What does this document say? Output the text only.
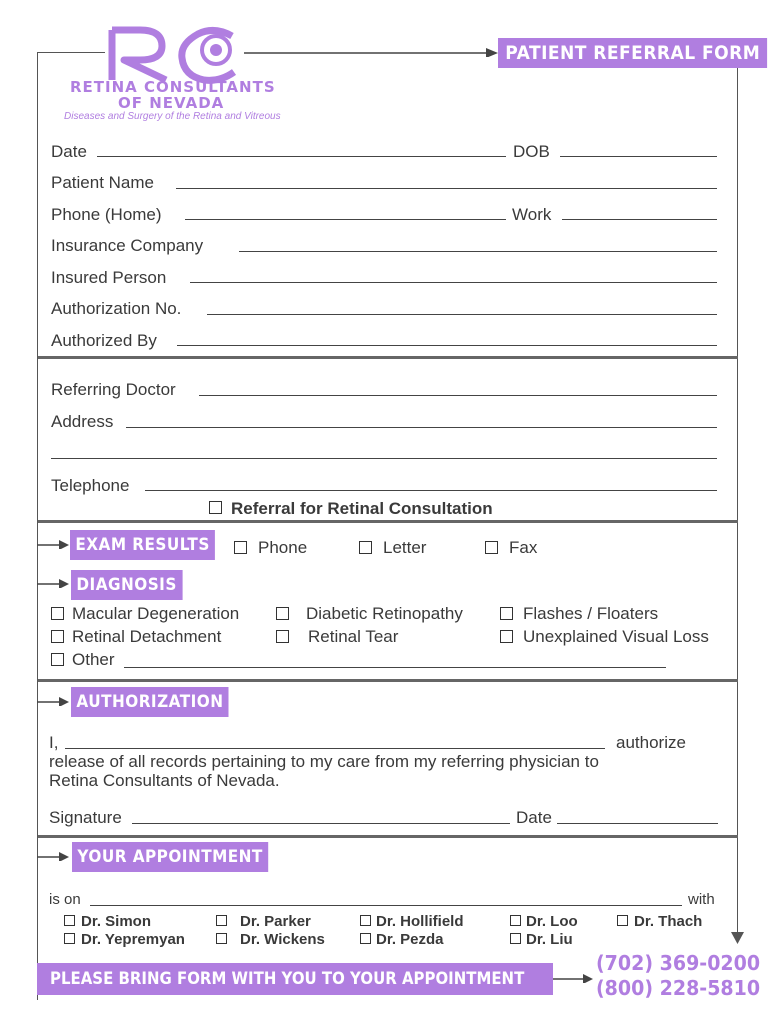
RETINA CONSULTANTS
OF NEVADA
Diseases and Surgery of the Retina and Vitreous
PATIENT REFERRAL FORM
Date	DOB
Patient Name
Phone (Home)	Work
Insurance Company
Insured Person
Authorization No.
Authorized By
Referring Doctor
Address
Telephone
Referral for Retinal Consultation
EXAM RESULTS	Phone	Letter	Fax
DIAGNOSIS
Macular Degeneration	Diabetic Retinopathy	Flashes / Floaters
Retinal Detachment	Retinal Tear	Unexplained Visual Loss
Other
AUTHORIZATION
I,	authorize
release of all records pertaining to my care from my referring physician to
Retina Consultants of Nevada.
Signature	Date
YOUR APPOINTMENT
is on	with
Dr. Simon	Dr. Parker	Dr. Hollifield	Dr. Loo	Dr. Thach
Dr. Yepremyan	Dr. Wickens	Dr. Pezda	Dr. Liu
PLEASE BRING FORM WITH YOU TO YOUR APPOINTMENT
(702) 369-0200
(800) 228-5810
